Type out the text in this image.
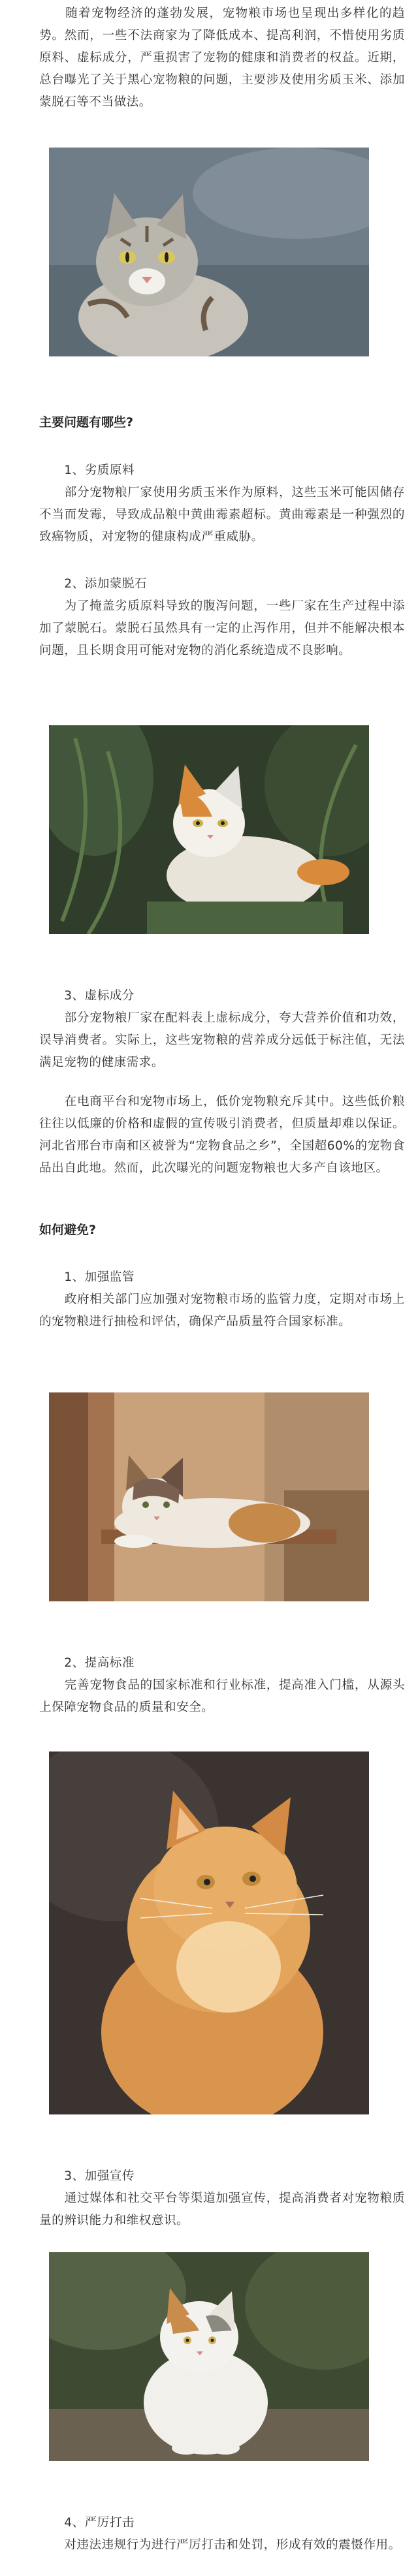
　　随着宠物经济的蓬勃发展，宠物粮市场也呈现出多样化的趋势。然而，一些不法商家为了降低成本、提高利润，不惜使用劣质原料、虚标成分，严重损害了宠物的健康和消费者的权益。近期，总台曝光了关于黑心宠物粮的问题，主要涉及使用劣质玉米、添加蒙脱石等不当做法。

主要问题有哪些?

　　1、劣质原料

　　部分宠物粮厂家使用劣质玉米作为原料，这些玉米可能因储存不当而发霉，导致成品粮中黄曲霉素超标。黄曲霉素是一种强烈的致癌物质，对宠物的健康构成严重威胁。

　　2、添加蒙脱石

　　为了掩盖劣质原料导致的腹泻问题，一些厂家在生产过程中添加了蒙脱石。蒙脱石虽然具有一定的止泻作用，但并不能解决根本问题，且长期食用可能对宠物的消化系统造成不良影响。

　　3、虚标成分

　　部分宠物粮厂家在配料表上虚标成分，夸大营养价值和功效，误导消费者。实际上，这些宠物粮的营养成分远低于标注值，无法满足宠物的健康需求。

　　在电商平台和宠物市场上，低价宠物粮充斥其中。这些低价粮往往以低廉的价格和虚假的宣传吸引消费者，但质量却难以保证。河北省邢台市南和区被誉为“宠物食品之乡”，全国超60%的宠物食品出自此地。然而，此次曝光的问题宠物粮也大多产自该地区。

如何避免?

　　1、加强监管

　　政府相关部门应加强对宠物粮市场的监管力度，定期对市场上的宠物粮进行抽检和评估，确保产品质量符合国家标准。

　　2、提高标准

　　完善宠物食品的国家标准和行业标准，提高准入门槛，从源头上保障宠物食品的质量和安全。

　　3、加强宣传

　　通过媒体和社交平台等渠道加强宣传，提高消费者对宠物粮质量的辨识能力和维权意识。

　　4、严厉打击

　　对违法违规行为进行严厉打击和处罚，形成有效的震慑作用。
